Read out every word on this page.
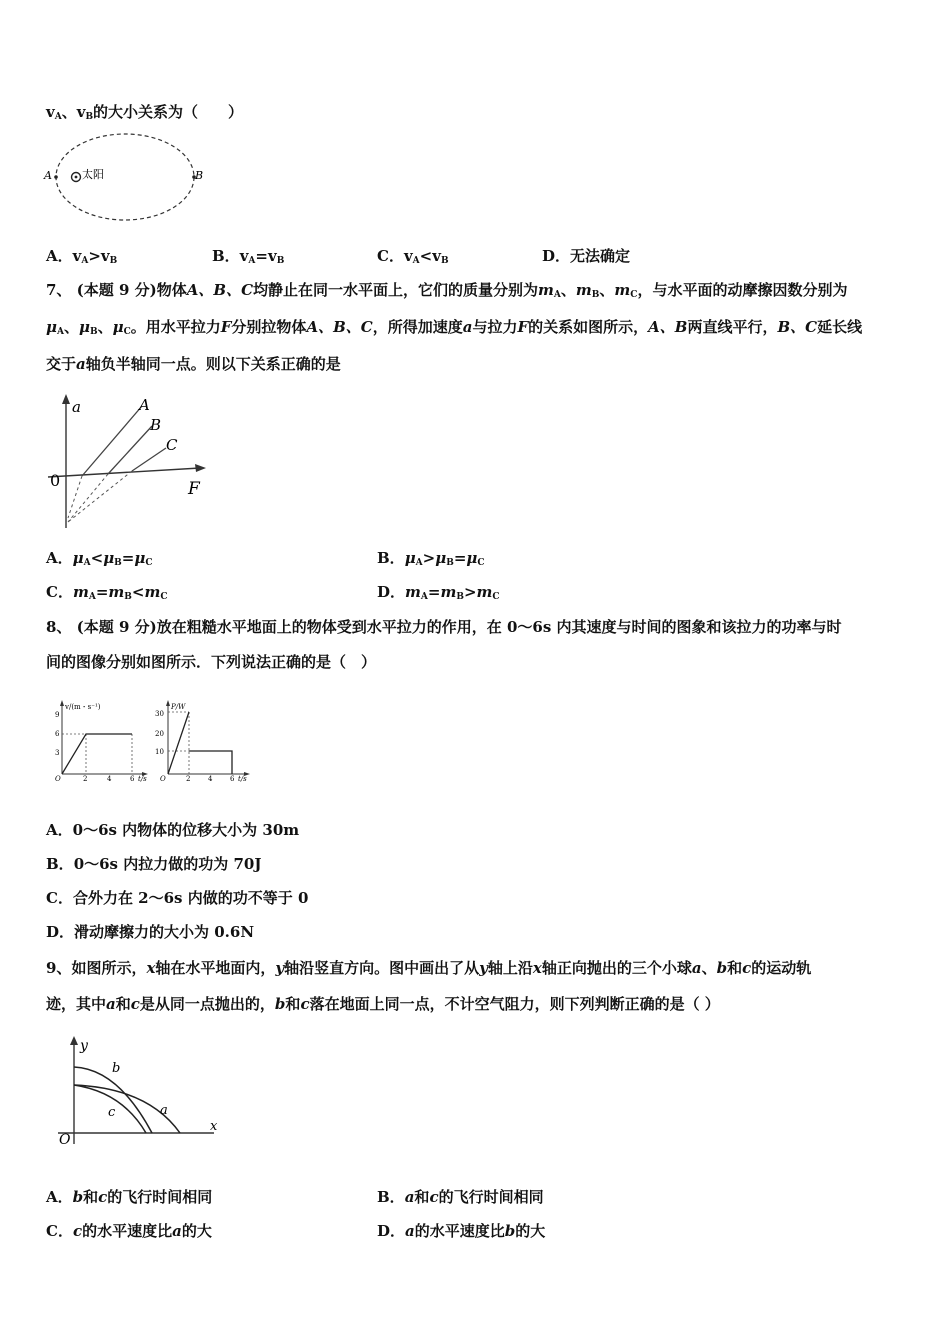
$v_A$、$v_B$的大小关系为（　　）
A	太阳	B
A．$v_A>v_B$	B．$v_A=v_B$	C．$v_A<v_B$	D．无法确定
7、 (本题 9 分)物体A、B、C均静止在同一水平面上，它们的质量分别为$m_A$、$m_B$、$m_C$，与水平面的动摩擦因数分别为
$\mu_A$、$\mu_B$、$\mu_C$。用水平拉力F分别拉物体A、B、C，所得加速度a与拉力F的关系如图所示，A、B两直线平行，B、C延长线
交于a轴负半轴同一点。则以下关系正确的是
a
F
0
A
B
C
A．$\mu_A<\mu_B=\mu_C$	B．$\mu_A>\mu_B=\mu_C$
C．$m_A=m_B<m_C$	D．$m_A=m_B>m_C$
8、 (本题 9 分)放在粗糙水平地面上的物体受到水平拉力的作用，在 0～6s 内其速度与时间的图象和该拉力的功率与时
间的图像分别如图所示．下列说法正确的是（　）
v/(m・s⁻¹)
9
6
3
O	2	4	6 t/s
P/W
30
20
10
O	2	4	6 t/s
A．0～6s 内物体的位移大小为 30m
B．0～6s 内拉力做的功为 70J
C．合外力在 2～6s 内做的功不等于 0
D．滑动摩擦力的大小为 0.6N
9、如图所示，x轴在水平地面内，y轴沿竖直方向。图中画出了从y轴上沿x轴正向抛出的三个小球a、b和c的运动轨
迹，其中a和c是从同一点抛出的，b和c落在地面上同一点，不计空气阻力，则下列判断正确的是（ ）
y
x
O
b
c	a
A．b和c的飞行时间相同	B．a和c的飞行时间相同
C．c的水平速度比a的大	D．a的水平速度比b的大
